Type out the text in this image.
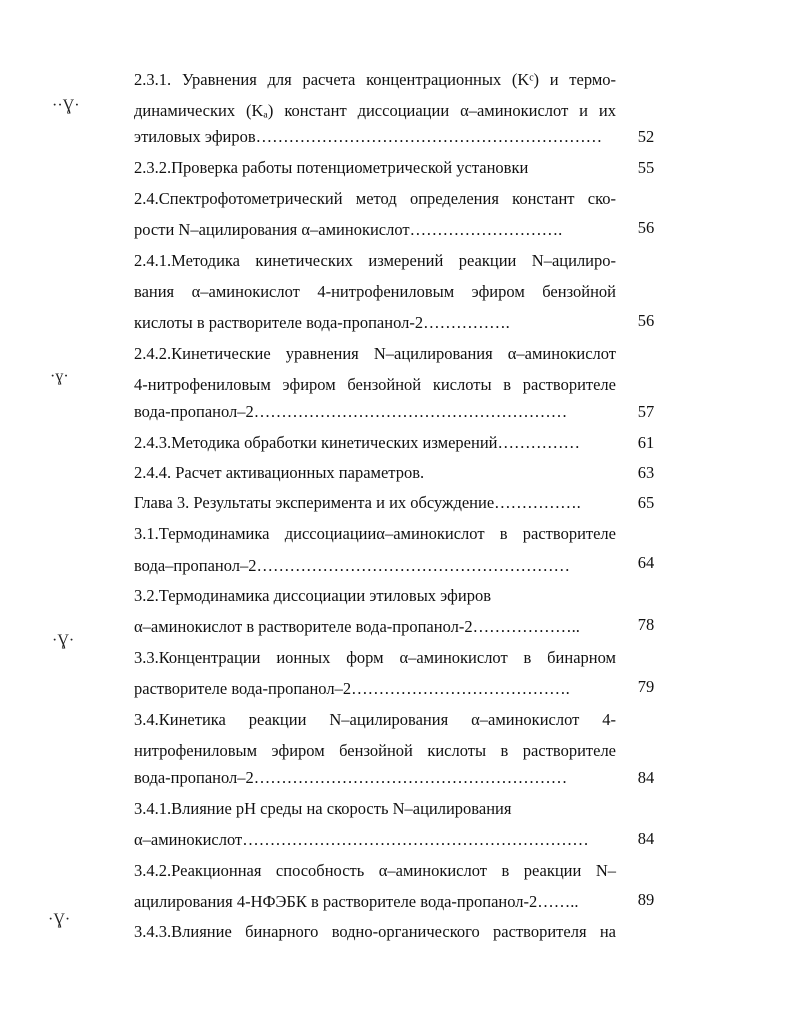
2.3.1. Уравнения для расчета концентрационных (Kᶜ) и термо-
динамических (Kₐ) констант диссоциации α–аминокислот и их
этиловых эфиров………………………………………………………	52
2.3.2.Проверка работы потенциометрической установки	55
2.4.Спектрофотометрический метод определения констант ско-
рости N–ацилирования α–аминокислот……………………….	56
2.4.1.Методика кинетических измерений реакции N–ацилиро-
вания α–аминокислот 4-нитрофениловым эфиром бензойной
кислоты в растворителе вода-пропанол-2…………….	56
2.4.2.Кинетические уравнения N–ацилирования α–аминокислот
4-нитрофениловым эфиром бензойной кислоты в растворителе
вода-пропанол–2…………………………………………………	57
2.4.3.Методика обработки кинетических измерений……………	61
2.4.4. Расчет активационных параметров.	63
Глава 3. Результаты эксперимента и их обсуждение…………….	65
3.1.Термодинамика диссоциацииα–аминокислот в растворителе
вода–пропанол–2…………………………………………………	64
3.2.Термодинамика диссоциации этиловых эфиров
α–аминокислот в растворителе вода-пропанол-2………………..	78
3.3.Концентрации ионных форм α–аминокислот в бинарном
растворителе вода-пропанол–2………………………………….	79
3.4.Кинетика реакции N–ацилирования α–аминокислот 4-
нитрофениловым эфиром бензойной кислоты в растворителе
вода-пропанол–2…………………………………………………	84
3.4.1.Влияние pH среды на скорость N–ацилирования
α–аминокислот………………………………………………………	84
3.4.2.Реакционная способность α–аминокислот в реакции N–
ацилирования 4-НФЭБК в растворителе вода-пропанол-2……..	89
3.4.3.Влияние бинарного водно-органического растворителя на
··Ɣ·
·ɣ·
·Ɣ·
·Ɣ·
